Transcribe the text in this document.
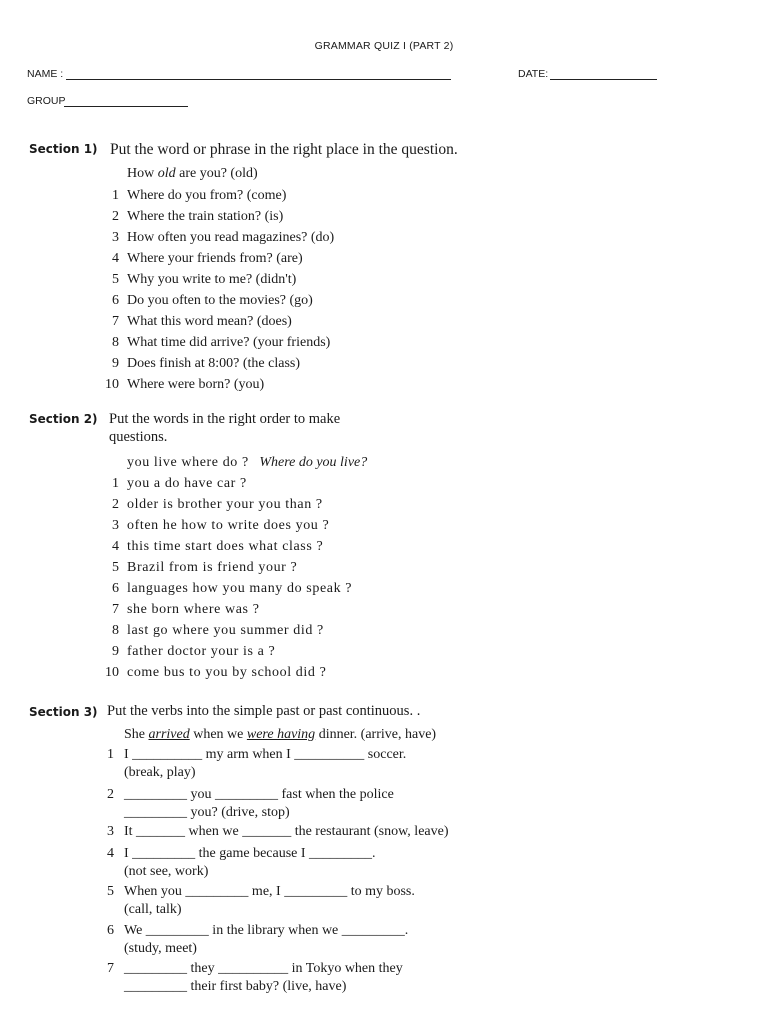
GRAMMAR QUIZ I (PART 2)
NAME :	DATE:
GROUP
Section 1) Put the word or phrase in the right place in the question.
How old are you? (old)
1 Where do you from? (come)
2 Where the train station? (is)
3 How often you read magazines? (do)
4 Where your friends from? (are)
5 Why you write to me? (didn't)
6 Do you often to the movies? (go)
7 What this word mean? (does)
8 What time did arrive? (your friends)
9 Does finish at 8:00? (the class)
10 Where were born? (you)
Section 2) Put the words in the right order to make
questions.
you live where do ? Where do you live?
1 you a do have car ?
2 older is brother your you than ?
3 often he how to write does you ?
4 this time start does what class ?
5 Brazil from is friend your ?
6 languages how you many do speak ?
7 she born where was ?
8 last go where you summer did ?
9 father doctor your is a ?
10 come bus to you by school did ?
Section 3) Put the verbs into the simple past or past continuous. .
She arrived when we were having dinner. (arrive, have)
1 I __________ my arm when I __________ soccer.
(break, play)
2 _________ you _________ fast when the police
_________ you? (drive, stop)
3 It _______ when we _______ the restaurant (snow, leave)
4 I _________ the game because I _________.
(not see, work)
5 When you _________ me, I _________ to my boss.
(call, talk)
6 We _________ in the library when we _________.
(study, meet)
7 _________ they __________ in Tokyo when they
_________ their first baby? (live, have)
